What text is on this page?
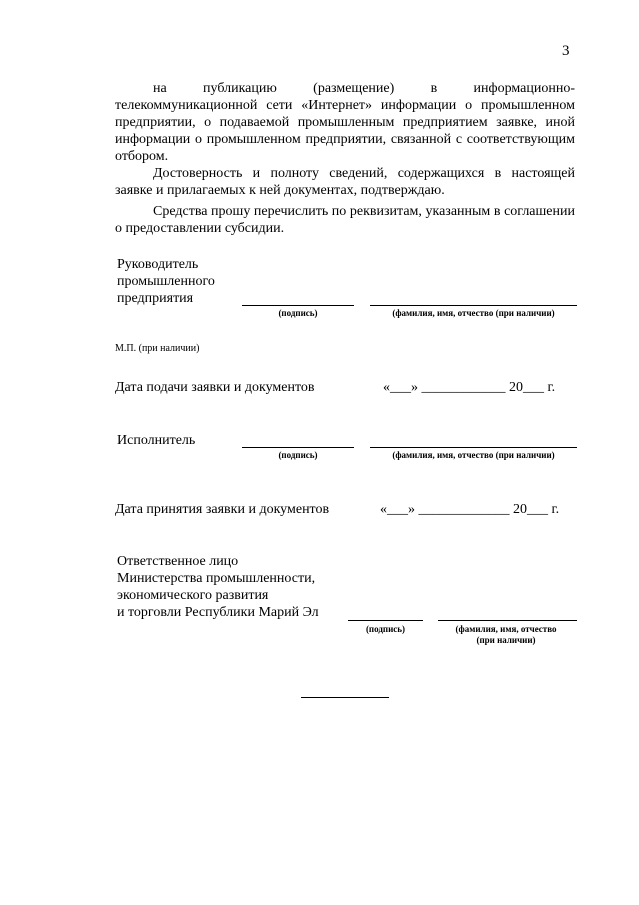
3
на публикацию (размещение) в информационно-телекоммуникационной сети «Интернет» информации о промышленном предприятии, о подаваемой промышленным предприятием заявке, иной информации о промышленном предприятии, связанной с соответствующим отбором.
Достоверность и полноту сведений, содержащихся в настоящей заявке и прилагаемых к ней документах, подтверждаю.
Средства прошу перечислить по реквизитам, указанным в соглашении о предоставлении субсидии.
Руководитель
промышленного
предприятия
(подпись)	(фамилия, имя, отчество (при наличии)
М.П. (при наличии)
Дата подачи заявки и документов	«___» ____________ 20___ г.
Исполнитель
(подпись)	(фамилия, имя, отчество (при наличии)
Дата принятия заявки и документов	«___» _____________ 20___ г.
Ответственное лицо
Министерства промышленности,
экономического развития
и торговли Республики Марий Эл
(подпись)	(фамилия, имя, отчество (при наличии)
